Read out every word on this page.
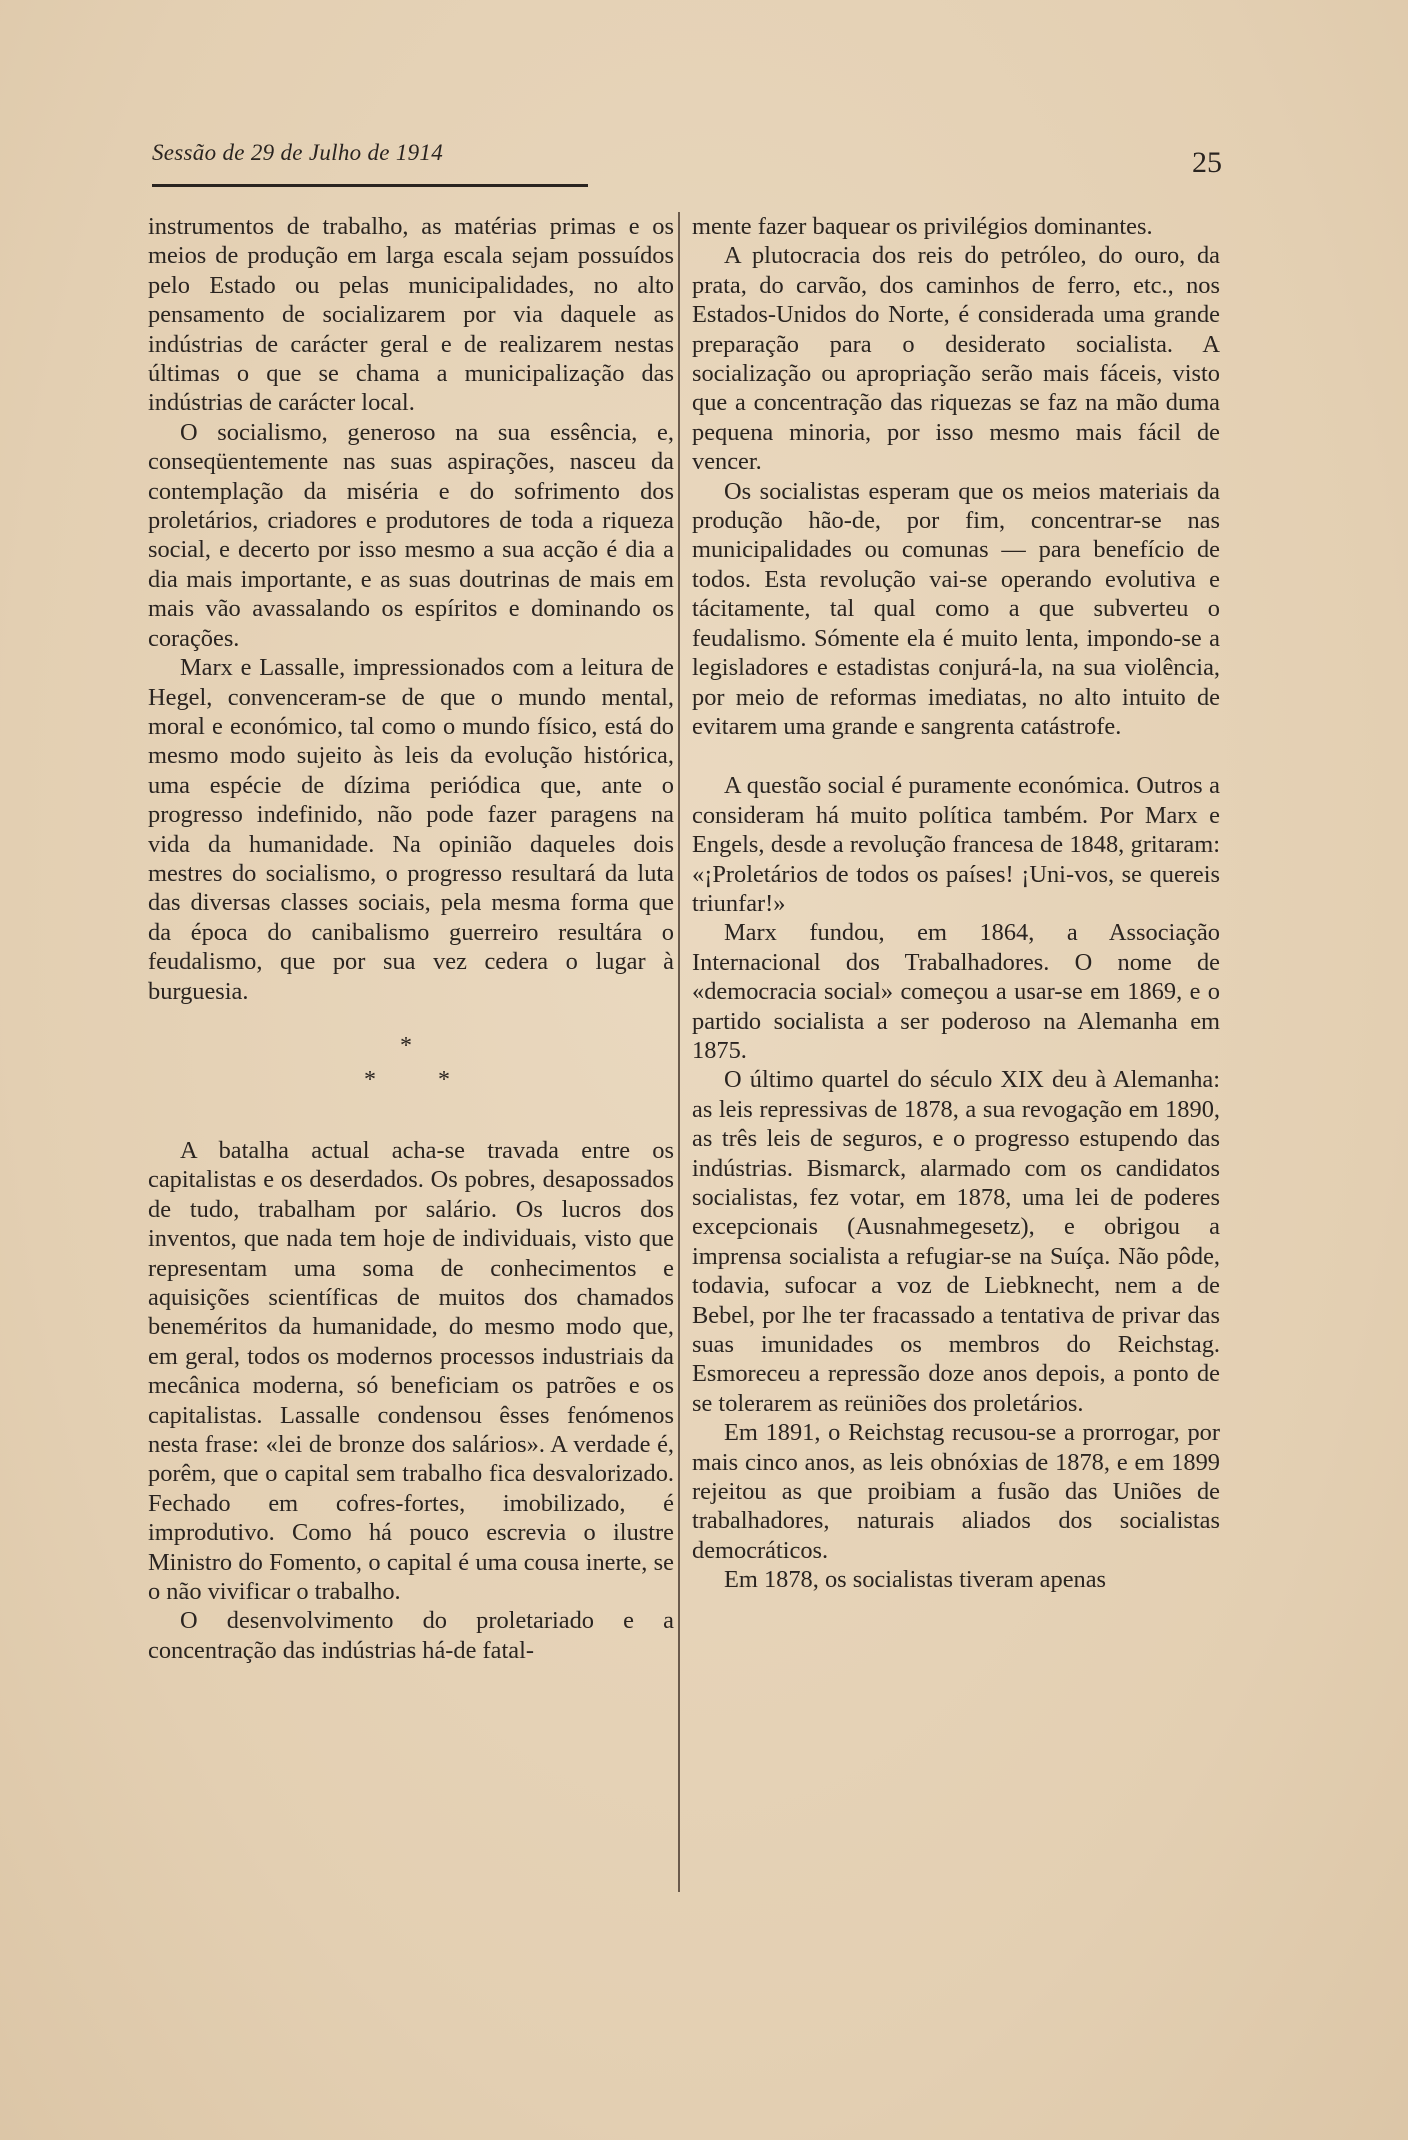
Sessão de 29 de Julho de 1914	25

instrumentos de trabalho, as matérias primas e os meios de produção em larga escala sejam possuídos pelo Estado ou pelas municipalidades, no alto pensamento de socializarem por via daquele as indústrias de carácter geral e de realizarem nestas últimas o que se chama a municipalização das indústrias de carácter local.

O socialismo, generoso na sua essência, e, conseqüentemente nas suas aspirações, nasceu da contemplação da miséria e do sofrimento dos proletários, criadores e produtores de toda a riqueza social, e decerto por isso mesmo a sua acção é dia a dia mais importante, e as suas doutrinas de mais em mais vão avassalando os espíritos e dominando os corações.

Marx e Lassalle, impressionados com a leitura de Hegel, convenceram-se de que o mundo mental, moral e económico, tal como o mundo físico, está do mesmo modo sujeito às leis da evolução histórica, uma espécie de dízima periódica que, ante o progresso indefinido, não pode fazer paragens na vida da humanidade. Na opinião daqueles dois mestres do socialismo, o progresso resultará da luta das diversas classes sociais, pela mesma forma que da época do canibalismo guerreiro resultára o feudalismo, que por sua vez cedera o lugar à burguesia.

*
*	*

A batalha actual acha-se travada entre os capitalistas e os deserdados. Os pobres, desapossados de tudo, trabalham por salário. Os lucros dos inventos, que nada tem hoje de individuais, visto que representam uma soma de conhecimentos e aquisições scientíficas de muitos dos chamados beneméritos da humanidade, do mesmo modo que, em geral, todos os modernos processos industriais da mecânica moderna, só beneficiam os patrões e os capitalistas. Lassalle condensou êsses fenómenos nesta frase: «lei de bronze dos salários». A verdade é, porêm, que o capital sem trabalho fica desvalorizado. Fechado em cofres-fortes, imobilizado, é improdutivo. Como há pouco escrevia o ilustre Ministro do Fomento, o capital é uma cousa inerte, se o não vivificar o trabalho.

O desenvolvimento do proletariado e a concentração das indústrias há-de fatal-

mente fazer baquear os privilégios dominantes.

A plutocracia dos reis do petróleo, do ouro, da prata, do carvão, dos caminhos de ferro, etc., nos Estados-Unidos do Norte, é considerada uma grande preparação para o desiderato socialista. A socialização ou apropriação serão mais fáceis, visto que a concentração das riquezas se faz na mão duma pequena minoria, por isso mesmo mais fácil de vencer.

Os socialistas esperam que os meios materiais da produção hão-de, por fim, concentrar-se nas municipalidades ou comunas — para benefício de todos. Esta revolução vai-se operando evolutiva e tácitamente, tal qual como a que subverteu o feudalismo. Sómente ela é muito lenta, impondo-se a legisladores e estadistas conjurá-la, na sua violência, por meio de reformas imediatas, no alto intuito de evitarem uma grande e sangrenta catástrofe.

A questão social é puramente económica. Outros a consideram há muito política também. Por Marx e Engels, desde a revolução francesa de 1848, gritaram: «¡Proletários de todos os países! ¡Uni-vos, se quereis triunfar!»

Marx fundou, em 1864, a Associação Internacional dos Trabalhadores. O nome de «democracia social» começou a usar-se em 1869, e o partido socialista a ser poderoso na Alemanha em 1875.

O último quartel do século XIX deu à Alemanha: as leis repressivas de 1878, a sua revogação em 1890, as três leis de seguros, e o progresso estupendo das indústrias. Bismarck, alarmado com os candidatos socialistas, fez votar, em 1878, uma lei de poderes excepcionais (Ausnahmegesetz), e obrigou a imprensa socialista a refugiar-se na Suíça. Não pôde, todavia, sufocar a voz de Liebknecht, nem a de Bebel, por lhe ter fracassado a tentativa de privar das suas imunidades os membros do Reichstag. Esmoreceu a repressão doze anos depois, a ponto de se tolerarem as reüniões dos proletários.

Em 1891, o Reichstag recusou-se a prorrogar, por mais cinco anos, as leis obnóxias de 1878, e em 1899 rejeitou as que proibiam a fusão das Uniões de trabalhadores, naturais aliados dos socialistas democráticos.

Em 1878, os socialistas tiveram apenas
